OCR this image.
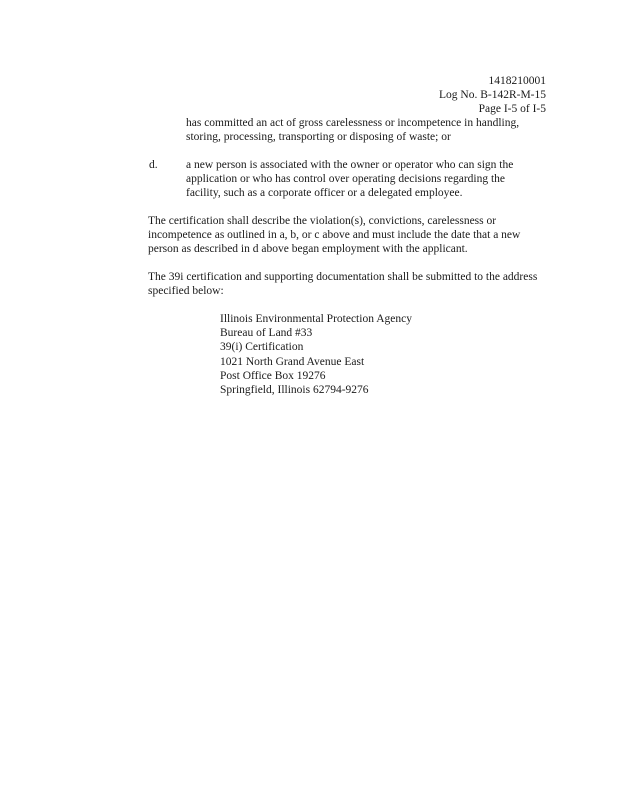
1418210001
Log No. B-142R-M-15
Page I-5 of I-5
has committed an act of gross carelessness or incompetence in handling, storing, processing, transporting or disposing of waste; or
d. a new person is associated with the owner or operator who can sign the application or who has control over operating decisions regarding the facility, such as a corporate officer or a delegated employee.
The certification shall describe the violation(s), convictions, carelessness or incompetence as outlined in a, b, or c above and must include the date that a new person as described in d above began employment with the applicant.
The 39i certification and supporting documentation shall be submitted to the address specified below:
Illinois Environmental Protection Agency
Bureau of Land #33
39(i) Certification
1021 North Grand Avenue East
Post Office Box 19276
Springfield, Illinois 62794-9276
